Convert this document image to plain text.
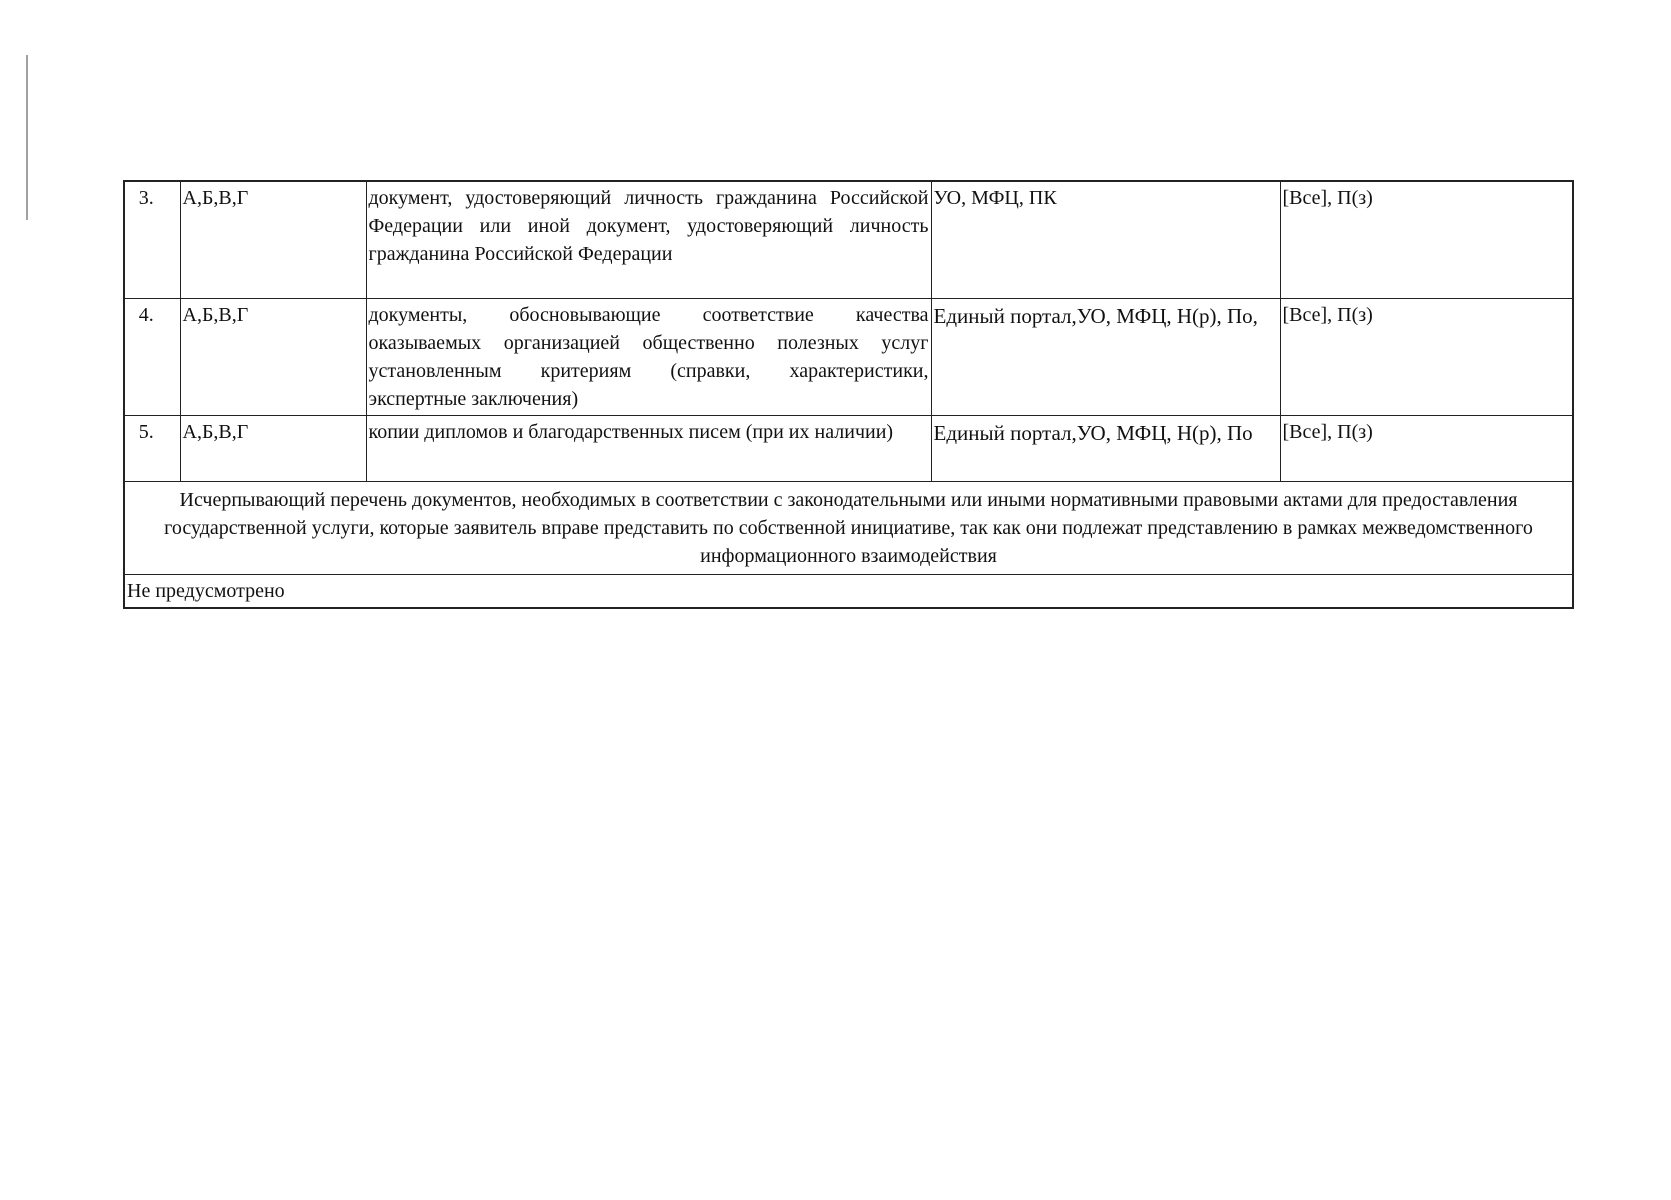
3.	А,Б,В,Г	документ, удостоверяющий личность гражданина Российской Федерации или иной документ, удостоверяющий личность гражданина Российской Федерации	УО, МФЦ, ПК	[Все], П(з)
4.	А,Б,В,Г	документы, обосновывающие соответствие качества оказываемых организацией общественно полезных услуг установленным критериям (справки, характеристики, экспертные заключения)	Единый портал,УО, МФЦ, Н(р), По,	[Все], П(з)
5.	А,Б,В,Г	копии дипломов и благодарственных писем (при их наличии)	Единый портал,УО, МФЦ, Н(р), По	[Все], П(з)
Исчерпывающий перечень документов, необходимых в соответствии с законодательными или иными нормативными правовыми актами для предоставления государственной услуги, которые заявитель вправе представить по собственной инициативе, так как они подлежат представлению в рамках межведомственного информационного взаимодействия				
Не предусмотрено				
